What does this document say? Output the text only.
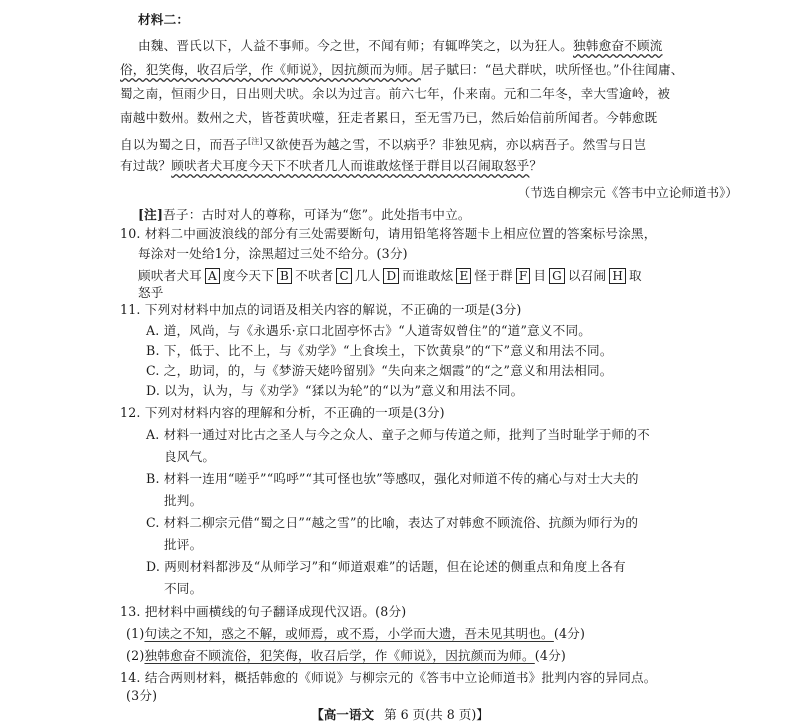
材料二：
由魏、晋氏以下，人益不事师。今之世，不闻有师；有辄哗笑之，以为狂人。独韩愈奋不顾流
俗，犯笑侮，收召后学，作《师说》，因抗颜而为师。居子賦曰：“邑犬群吠，吠所怪也。”仆往闻庸、
蜀之南，恒雨少日，日出则犬吠。余以为过言。前六七年，仆来南。元和二年冬，幸大雪逾岭，被
南越中数州。数州之犬，皆苍黄吠噬，狂走者累日，至无雪乃已，然后始信前所闻者。今韩愈既
自以为蜀之日，而吾子[注]又欲使吾为越之雪，不以病乎？非独见病，亦以病吾子。然雪与日岂
有过哉？顾吠者犬耳度今天下不吠者几人而谁敢炫怪于群目以召闹取怒乎？
（节选自柳宗元《答韦中立论师道书》）
[注]吾子：古时对人的尊称，可译为“您”。此处指韦中立。
10. 材料二中画波浪线的部分有三处需要断句，请用铅笔将答题卡上相应位置的答案标号涂黑，
每涂对一处给1分，涂黑超过三处不给分。(3分)
顾吠者犬耳 A 度今天下 B 不吠者 C 几人 D 而谁敢炫 E 怪于群 F 目 G 以召闹 H 取
怒乎
11. 下列对材料中加点的词语及相关内容的解说，不正确的一项是(3分)
A. 道，风尚，与《永遇乐·京口北固亭怀古》“人道寄奴曾住”的“道”意义不同。
B. 下，低于、比不上，与《劝学》“上食埃土，下饮黄泉”的“下”意义和用法不同。
C. 之，助词，的，与《梦游天姥吟留别》“失向来之烟霞”的“之”意义和用法相同。
D. 以为，认为，与《劝学》“猱以为轮”的“以为”意义和用法不同。
12. 下列对材料内容的理解和分析，不正确的一项是(3分)
A. 材料一通过对比古之圣人与今之众人、童子之师与传道之师，批判了当时耻学于师的不
良风气。
B. 材料一连用“嗟乎”“呜呼”“其可怪也欤”等感叹，强化对师道不传的痛心与对士大夫的
批判。
C. 材料二柳宗元借“蜀之日”“越之雪”的比喻，表达了对韩愈不顾流俗、抗颜为师行为的
批评。
D. 两则材料都涉及“从师学习”和“师道艰难”的话题，但在论述的侧重点和角度上各有
不同。
13. 把材料中画横线的句子翻译成现代汉语。(8分)
(1)句读之不知，惑之不解，或师焉，或不焉，小学而大遗，吾未见其明也。(4分)
(2)独韩愈奋不顾流俗，犯笑侮，收召后学，作《师说》，因抗颜而为师。(4分)
14. 结合两则材料，概括韩愈的《师说》与柳宗元的《答韦中立论师道书》批判内容的异同点。
(3分)
【高一语文 第 6 页(共 8 页)】
